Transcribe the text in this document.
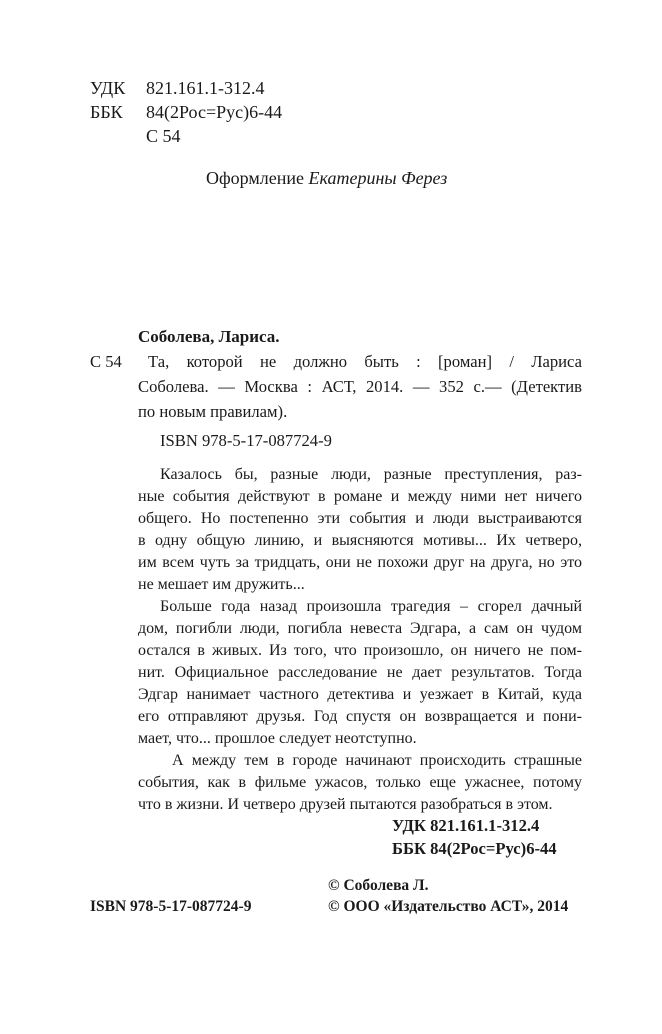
УДК 821.161.1-312.4
ББК 84(2Рос=Рус)6-44
С 54
Оформление Екатерины Ферез
Соболева, Лариса.
С 54	Та, которой не должно быть : [роман] / Лариса
Соболева. — Москва : АСТ, 2014. — 352 с.— (Детектив
по новым правилам).
ISBN 978-5-17-087724-9
Казалось бы, разные люди, разные преступления, раз-
ные события действуют в романе и между ними нет ничего
общего. Но постепенно эти события и люди выстраиваются
в одну общую линию, и выясняются мотивы... Их четверо,
им всем чуть за тридцать, они не похожи друг на друга, но это
не мешает им дружить...
Больше года назад произошла трагедия – сгорел дачный
дом, погибли люди, погибла невеста Эдгара, а сам он чудом
остался в живых. Из того, что произошло, он ничего не пом-
нит. Официальное расследование не дает результатов. Тогда
Эдгар нанимает частного детектива и уезжает в Китай, куда
его отправляют друзья. Год спустя он возвращается и пони-
мает, что... прошлое следует неотступно.
А между тем в городе начинают происходить страшные
события, как в фильме ужасов, только еще ужаснее, потому
что в жизни. И четверо друзей пытаются разобраться в этом.
УДК 821.161.1-312.4
ББК 84(2Рос=Рус)6-44
© Соболева Л.
ISBN 978-5-17-087724-9	© ООО «Издательство АСТ», 2014
